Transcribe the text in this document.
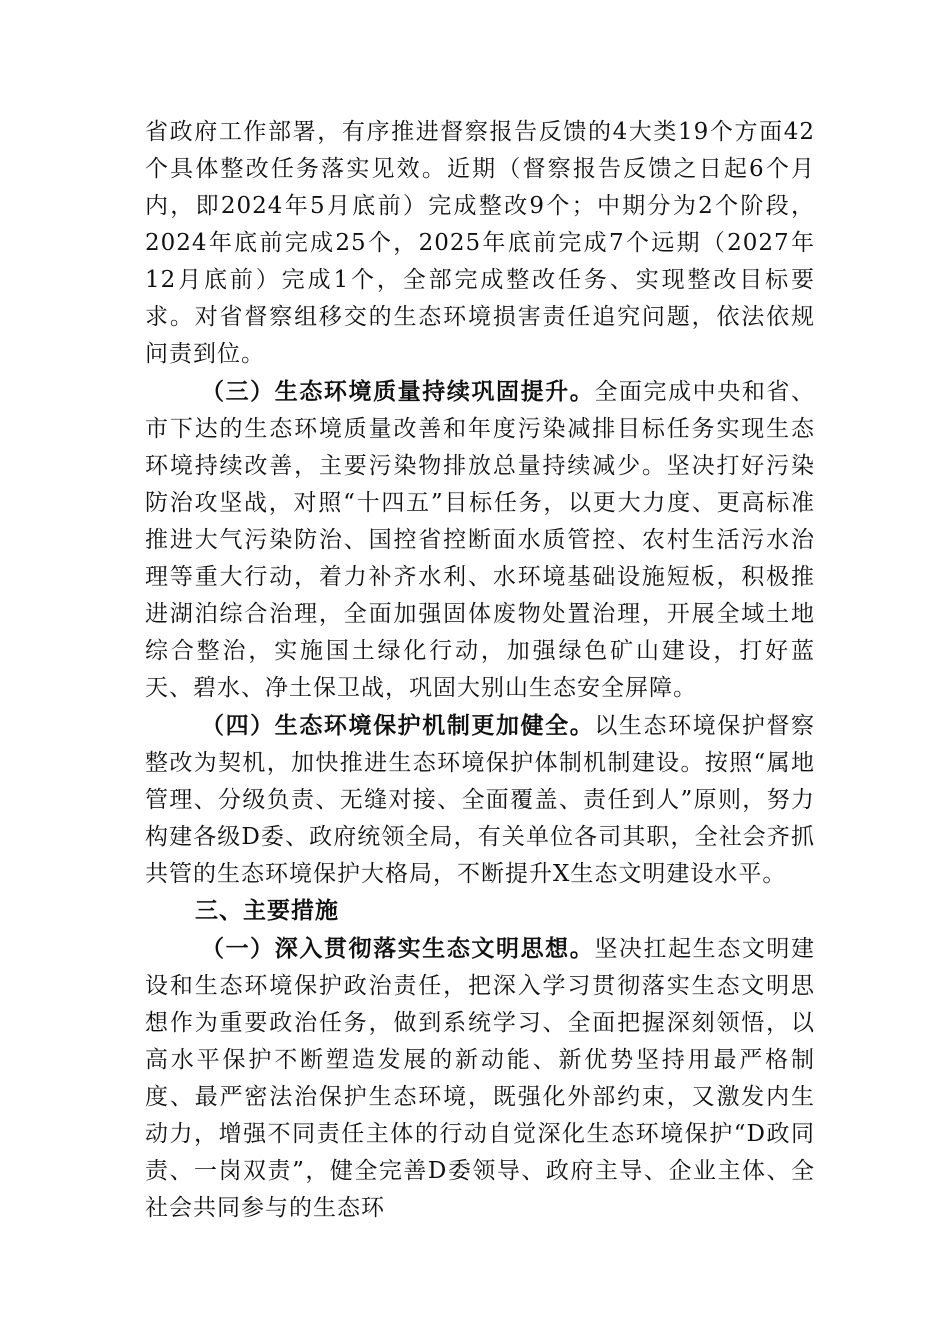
省政府工作部署，有序推进督察报告反馈的4大类19个方面42个具体整改任务落实见效。近期（督察报告反馈之日起6个月内，即2024年5月底前）完成整改9个；中期分为2个阶段，2024年底前完成25个，2025年底前完成7个远期（2027年12月底前）完成1个，全部完成整改任务、实现整改目标要求。对省督察组移交的生态环境损害责任追究问题，依法依规问责到位。

（三）生态环境质量持续巩固提升。全面完成中央和省、市下达的生态环境质量改善和年度污染减排目标任务实现生态环境持续改善，主要污染物排放总量持续减少。坚决打好污染防治攻坚战，对照“十四五”目标任务，以更大力度、更高标准推进大气污染防治、国控省控断面水质管控、农村生活污水治理等重大行动，着力补齐水利、水环境基础设施短板，积极推进湖泊综合治理，全面加强固体废物处置治理，开展全域土地综合整治，实施国土绿化行动，加强绿色矿山建设，打好蓝天、碧水、净土保卫战，巩固大别山生态安全屏障。

（四）生态环境保护机制更加健全。以生态环境保护督察整改为契机，加快推进生态环境保护体制机制建设。按照“属地管理、分级负责、无缝对接、全面覆盖、责任到人”原则，努力构建各级D委、政府统领全局，有关单位各司其职，全社会齐抓共管的生态环境保护大格局，不断提升X生态文明建设水平。

三、主要措施

（一）深入贯彻落实生态文明思想。坚决扛起生态文明建设和生态环境保护政治责任，把深入学习贯彻落实生态文明思想作为重要政治任务，做到系统学习、全面把握深刻领悟，以高水平保护不断塑造发展的新动能、新优势坚持用最严格制度、最严密法治保护生态环境，既强化外部约束，又激发内生动力，增强不同责任主体的行动自觉深化生态环境保护“D政同责、一岗双责”，健全完善D委领导、政府主导、企业主体、全社会共同参与的生态环
